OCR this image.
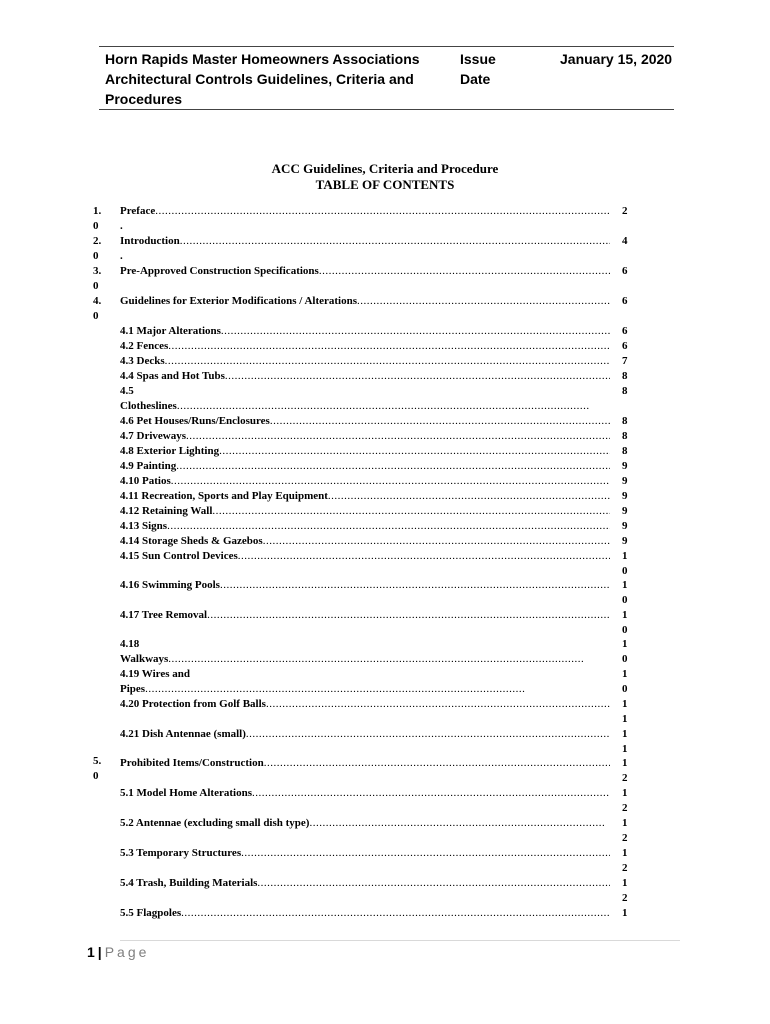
Horn Rapids Master Homeowners Associations
Architectural Controls Guidelines, Criteria and
Procedures
Issue
Date
January 15, 2020
ACC Guidelines, Criteria and Procedure
TABLE OF CONTENTS
1.
0
2.
0
3.
0
4.
0
5.
0
Preface
.....
.
Introduction
.....
.
Pre-Approved Construction Specifications
.....
Guidelines for Exterior Modifications / Alterations
.....
4.1 Major Alterations
.....
4.2 Fences
.....
4.3 Decks
.....
4.4 Spas and Hot Tubs
.....
4.5
Clotheslines
.....
4.6 Pet Houses/Runs/Enclosures
.....
4.7 Driveways
.....
4.8 Exterior Lighting
.....
4.9 Painting
.....
4.10 Patios
.....
4.11 Recreation, Sports and Play Equipment
.....
4.12 Retaining Wall
.....
4.13 Signs
.....
4.14 Storage Sheds & Gazebos
.....
4.15 Sun Control Devices
.....
4.16 Swimming Pools
.....
4.17 Tree Removal
.....
4.18
Walkways
.....
4.19 Wires and
Pipes
.....
4.20 Protection from Golf Balls
.....
4.21 Dish Antennae (small)
.....
Prohibited Items/Construction
.....
5.1 Model Home Alterations
.....
5.2 Antennae (excluding small dish type)
.....
5.3 Temporary Structures
.....
5.4 Trash, Building Materials
.....
5.5 Flagpoles
.....
2
4
6
6
6
6
7
8
8
8
8
8
9
9
9
9
9
9
1
0
1
0
1
0
1
0
1
0
1
1
1
1
1
2
1
2
1
2
1
2
1
2
1
1 | Page
